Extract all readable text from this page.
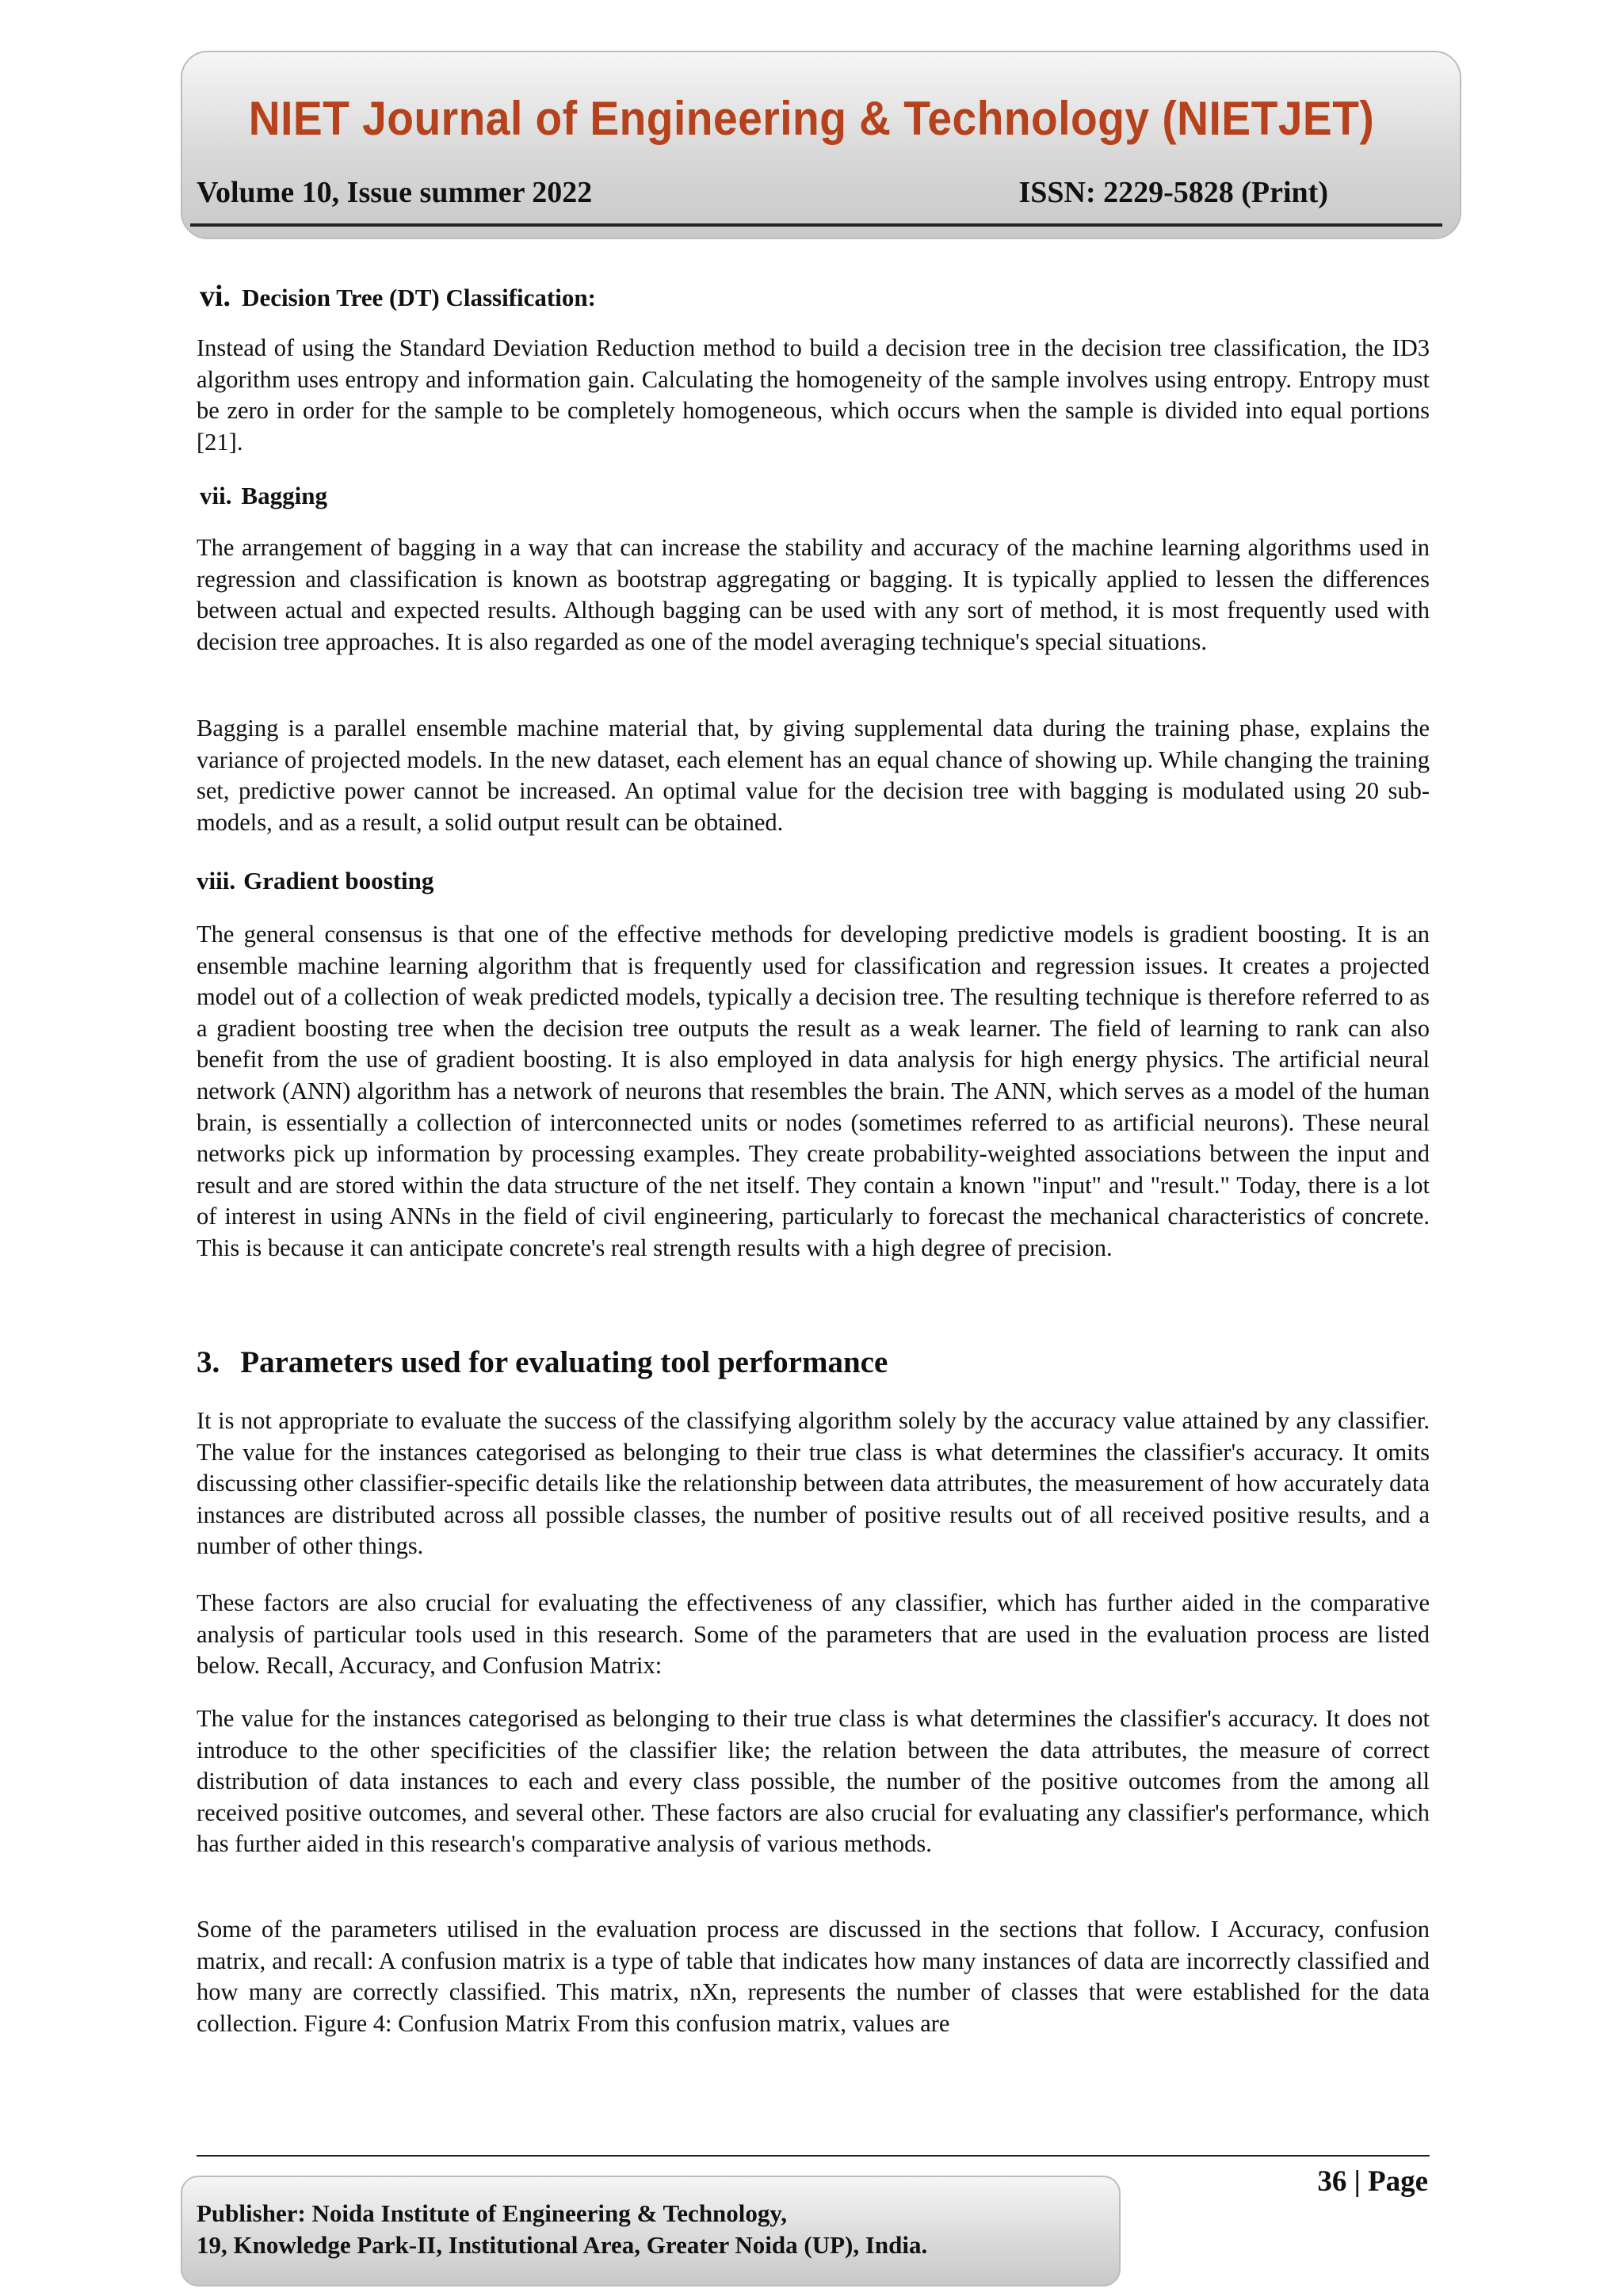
NIET Journal of Engineering & Technology (NIETJET)
Volume 10, Issue summer 2022	ISSN: 2229-5828 (Print)
vi. Decision Tree (DT) Classification:

Instead of using the Standard Deviation Reduction method to build a decision tree in the decision tree classification, the ID3 algorithm uses entropy and information gain. Calculating the homogeneity of the sample involves using entropy. Entropy must be zero in order for the sample to be completely homogeneous, which occurs when the sample is divided into equal portions [21].

vii. Bagging

The arrangement of bagging in a way that can increase the stability and accuracy of the machine learning algorithms used in regression and classification is known as bootstrap aggregating or bagging. It is typically applied to lessen the differences between actual and expected results. Although bagging can be used with any sort of method, it is most frequently used with decision tree approaches. It is also regarded as one of the model averaging technique's special situations.

Bagging is a parallel ensemble machine material that, by giving supplemental data during the training phase, explains the variance of projected models. In the new dataset, each element has an equal chance of showing up. While changing the training set, predictive power cannot be increased. An optimal value for the decision tree with bagging is modulated using 20 sub-models, and as a result, a solid output result can be obtained.

viii. Gradient boosting

The general consensus is that one of the effective methods for developing predictive models is gradient boosting. It is an ensemble machine learning algorithm that is frequently used for classification and regression issues. It creates a projected model out of a collection of weak predicted models, typically a decision tree. The resulting technique is therefore referred to as a gradient boosting tree when the decision tree outputs the result as a weak learner. The field of learning to rank can also benefit from the use of gradient boosting. It is also employed in data analysis for high energy physics. The artificial neural network (ANN) algorithm has a network of neurons that resembles the brain. The ANN, which serves as a model of the human brain, is essentially a collection of interconnected units or nodes (sometimes referred to as artificial neurons). These neural networks pick up information by processing examples. They create probability-weighted associations between the input and result and are stored within the data structure of the net itself. They contain a known "input" and "result." Today, there is a lot of interest in using ANNs in the field of civil engineering, particularly to forecast the mechanical characteristics of concrete. This is because it can anticipate concrete's real strength results with a high degree of precision.

3. Parameters used for evaluating tool performance

It is not appropriate to evaluate the success of the classifying algorithm solely by the accuracy value attained by any classifier. The value for the instances categorised as belonging to their true class is what determines the classifier's accuracy. It omits discussing other classifier-specific details like the relationship between data attributes, the measurement of how accurately data instances are distributed across all possible classes, the number of positive results out of all received positive results, and a number of other things.

These factors are also crucial for evaluating the effectiveness of any classifier, which has further aided in the comparative analysis of particular tools used in this research. Some of the parameters that are used in the evaluation process are listed below. Recall, Accuracy, and Confusion Matrix:

The value for the instances categorised as belonging to their true class is what determines the classifier's accuracy. It does not introduce to the other specificities of the classifier like; the relation between the data attributes, the measure of correct distribution of data instances to each and every class possible, the number of the positive outcomes from the among all received positive outcomes, and several other. These factors are also crucial for evaluating any classifier's performance, which has further aided in this research's comparative analysis of various methods.

Some of the parameters utilised in the evaluation process are discussed in the sections that follow. I Accuracy, confusion matrix, and recall: A confusion matrix is a type of table that indicates how many instances of data are incorrectly classified and how many are correctly classified. This matrix, nXn, represents the number of classes that were established for the data collection. Figure 4: Confusion Matrix From this confusion matrix, values are

36 | Page
Publisher: Noida Institute of Engineering & Technology,
19, Knowledge Park-II, Institutional Area, Greater Noida (UP), India.
